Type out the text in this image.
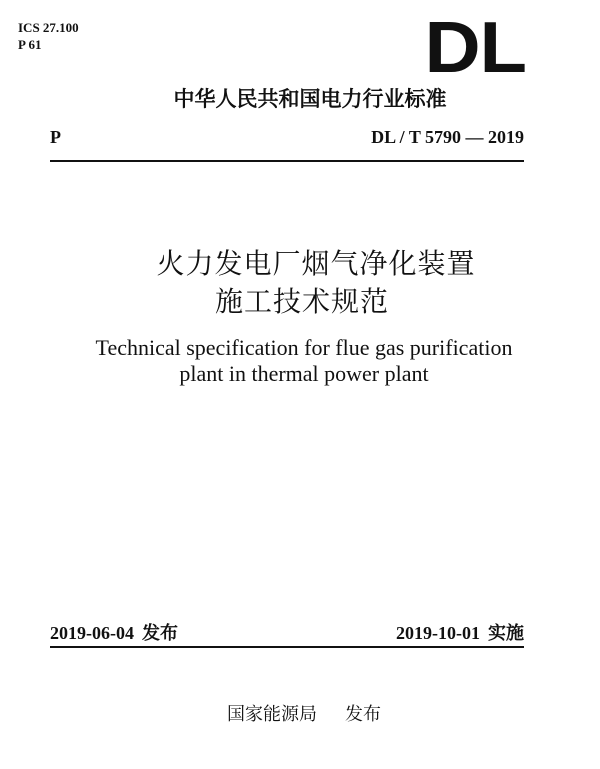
ICS 27.100
P 61	DL
中华人民共和国电力行业标准
P	DL / T 5790 — 2019
火力发电厂烟气净化装置
施工技术规范
Technical specification for flue gas purification
plant in thermal power plant
2019-06-04 发布	2019-10-01 实施
国家能源局 发布
